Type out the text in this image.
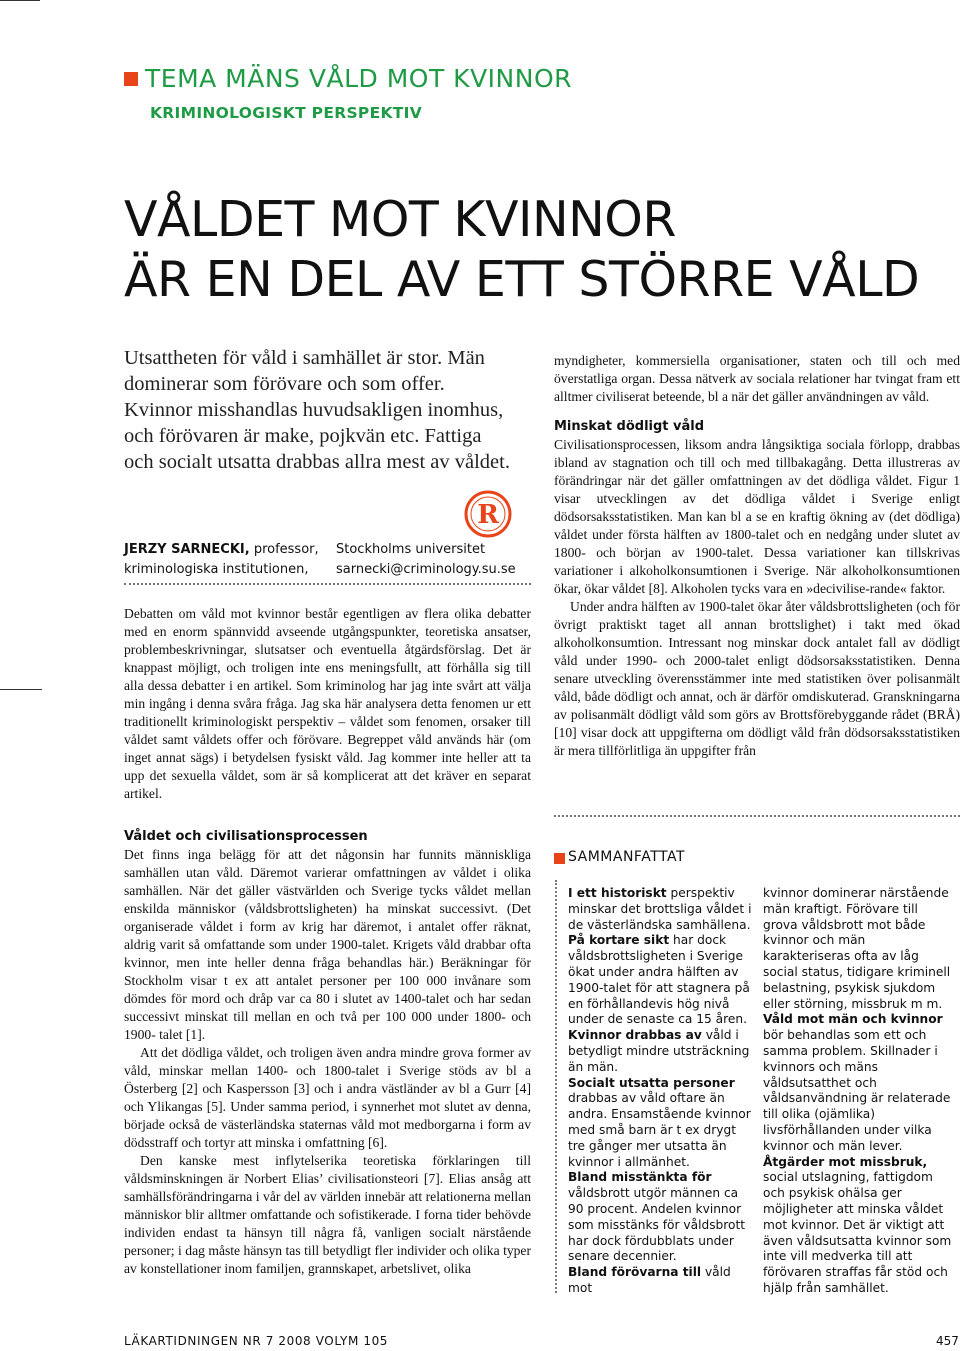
TEMA MÄNS VÅLD MOT KVINNOR
KRIMINOLOGISKT PERSPEKTIV
VÅLDET MOT KVINNOR
ÄR EN DEL AV ETT STÖRRE VÅLD
Utsattheten för våld i samhället är stor. Män dominerar som förövare och som offer. Kvinnor misshandlas huvudsakligen inomhus, och förövaren är make, pojkvän etc. Fattiga och socialt utsatta drabbas allra mest av våldet.
R
JERZY SARNECKI, professor,
kriminologiska institutionen,
Stockholms universitet
sarnecki@criminology.su.se

Debatten om våld mot kvinnor består egentligen av flera olika debatter med en enorm spännvidd avseende utgångspunkter, teoretiska ansatser, problembeskrivningar, slutsatser och eventuella åtgärdsförslag. Det är knappast möjligt, och troligen inte ens meningsfullt, att förhålla sig till alla dessa debatter i en artikel. Som kriminolog har jag inte svårt att välja min ingång i denna svåra fråga. Jag ska här analysera detta fenomen ur ett traditionellt kriminologiskt perspektiv – våldet som fenomen, orsaker till våldet samt våldets offer och förövare. Begreppet våld används här (om inget annat sägs) i betydelsen fysiskt våld. Jag kommer inte heller att ta upp det sexuella våldet, som är så komplicerat att det kräver en separat artikel.

Våldet och civilisationsprocessen

Det finns inga belägg för att det någonsin har funnits människliga samhällen utan våld. Däremot varierar omfattningen av våldet i olika samhällen. När det gäller västvärlden och Sverige tycks våldet mellan enskilda människor (våldsbrottsligheten) ha minskat successivt. (Det organiserade våldet i form av krig har däremot, i antalet offer räknat, aldrig varit så omfattande som under 1900-talet. Krigets våld drabbar ofta kvinnor, men inte heller denna fråga behandlas här.) Beräkningar för Stockholm visar t ex att antalet personer per 100 000 invånare som dömdes för mord och dråp var ca 80 i slutet av 1400-talet och har sedan successivt minskat till mellan en och två per 100 000 under 1800- och 1900- talet [1].

Att det dödliga våldet, och troligen även andra mindre grova former av våld, minskar mellan 1400- och 1800-talet i Sverige stöds av bl a Österberg [2] och Kaspersson [3] och i andra västländer av bl a Gurr [4] och Ylikangas [5]. Under samma period, i synnerhet mot slutet av denna, började också de västerländska staternas våld mot medborgarna i form av dödsstraff och tortyr att minska i omfattning [6].

Den kanske mest inflytelserika teoretiska förklaringen till våldsminskningen är Norbert Elias’ civilisationsteori [7]. Elias ansåg att samhällsförändringarna i vår del av världen innebär att relationerna mellan människor blir alltmer omfattande och sofistikerade. I forna tider behövde individen endast ta hänsyn till några få, vanligen socialt närstående personer; i dag måste hänsyn tas till betydligt fler individer och olika typer av konstellationer inom familjen, grannskapet, arbetslivet, olika

myndigheter, kommersiella organisationer, staten och till och med överstatliga organ. Dessa nätverk av sociala relationer har tvingat fram ett alltmer civiliserat beteende, bl a när det gäller användningen av våld.

Minskat dödligt våld

Civilisationsprocessen, liksom andra långsiktiga sociala förlopp, drabbas ibland av stagnation och till och med tillbakagång. Detta illustreras av förändringar när det gäller omfattningen av det dödliga våldet. Figur 1 visar utvecklingen av det dödliga våldet i Sverige enligt dödsorsaksstatistiken. Man kan bl a se en kraftig ökning av (det dödliga) våldet under första hälften av 1800-talet och en nedgång under slutet av 1800- och början av 1900-talet. Dessa variationer kan tillskrivas variationer i alkoholkonsumtionen i Sverige. När alkoholkonsumtionen ökar, ökar våldet [8]. Alkoholen tycks vara en »decivilise-rande« faktor.

Under andra hälften av 1900-talet ökar åter våldsbrottsligheten (och för övrigt praktiskt taget all annan brottslighet) i takt med ökad alkoholkonsumtion. Intressant nog minskar dock antalet fall av dödligt våld under 1990- och 2000-talet enligt dödsorsaksstatistiken. Denna senare utveckling överensstämmer inte med statistiken över polisanmält våld, både dödligt och annat, och är därför omdiskuterad. Granskningarna av polisanmält dödligt våld som görs av Brottsförebyggande rådet (BRÅ) [10] visar dock att uppgifterna om dödligt våld från dödsorsaksstatistiken är mera tillförlitliga än uppgifter från

SAMMANFATTAT
I ett historiskt perspektiv minskar det brottsliga våldet i de västerländska samhällena.
På kortare sikt har dock våldsbrottsligheten i Sverige ökat under andra hälften av 1900-talet för att stagnera på en förhållandevis hög nivå under de senaste ca 15 åren.
Kvinnor drabbas av våld i betydligt mindre utsträckning än män.
Socialt utsatta personer drabbas av våld oftare än andra. Ensamstående kvinnor med små barn är t ex drygt tre gånger mer utsatta än kvinnor i allmänhet.
Bland misstänkta för våldsbrott utgör männen ca 90 procent. Andelen kvinnor som misstänks för våldsbrott har dock fördubblats under senare decennier.
Bland förövarna till våld mot
kvinnor dominerar närstående män kraftigt. Förövare till grova våldsbrott mot både kvinnor och män karakteriseras ofta av låg social status, tidigare kriminell belastning, psykisk sjukdom eller störning, missbruk m m.
Våld mot män och kvinnor bör behandlas som ett och samma problem. Skillnader i kvinnors och mäns våldsutsatthet och våldsanvändning är relaterade till olika (ojämlika) livsförhållanden under vilka kvinnor och män lever.
Åtgärder mot missbruk, social utslagning, fattigdom och psykisk ohälsa ger möjligheter att minska våldet mot kvinnor. Det är viktigt att även våldsutsatta kvinnor som inte vill medverka till att förövaren straffas får stöd och hjälp från samhället.
LÄKARTIDNINGEN NR 7 2008 VOLYM 105	457
